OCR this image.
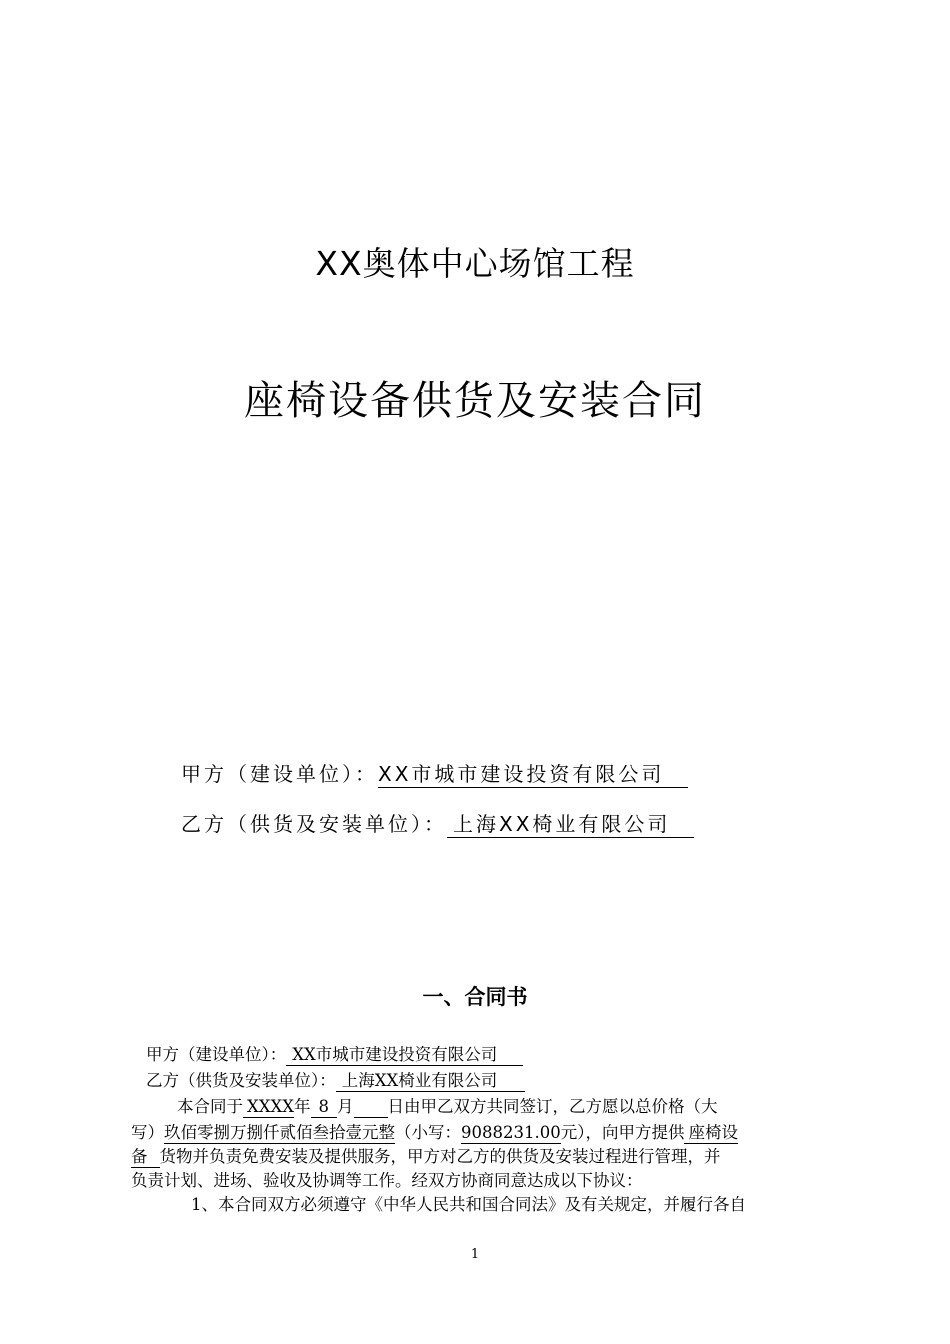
XX奥体中心场馆工程
座椅设备供货及安装合同
甲方（建设单位）：XX市城市建设投资有限公司
乙方（供货及安装单位）： 上海XX椅业有限公司
一、合同书
甲方（建设单位）： XX市城市建设投资有限公司
乙方（供货及安装单位）： 上海XX椅业有限公司
本合同于 XXXX年 8 月 日由甲乙双方共同签订，乙方愿以总价格（大
写）玖佰零捌万捌仟贰佰叁拾壹元整（小写：9088231.00元），向甲方提供 座椅设
备 货物并负责免费安装及提供服务，甲方对乙方的供货及安装过程进行管理，并
负责计划、进场、验收及协调等工作。经双方协商同意达成以下协议：
1、本合同双方必须遵守《中华人民共和国合同法》及有关规定，并履行各自
1
